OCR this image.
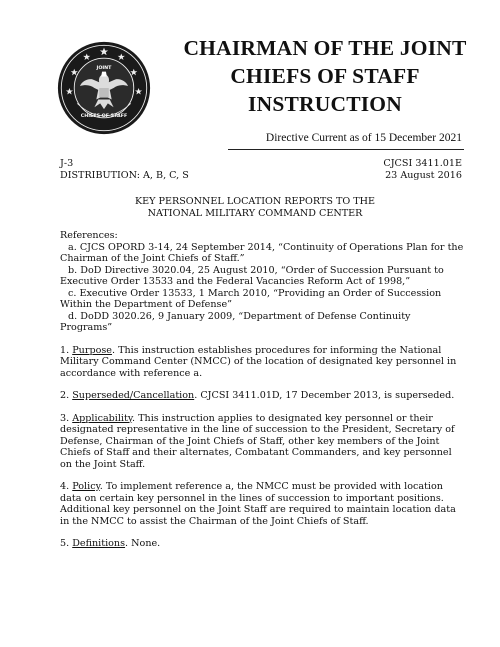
JOINT
CHIEFS OF STAFF
CHAIRMAN OF THE JOINT
CHIEFS OF STAFF
INSTRUCTION
Directive Current as of 15 December 2021
J-3
DISTRIBUTION: A, B, C, S
CJCSI 3411.01E
23 August 2016
KEY PERSONNEL LOCATION REPORTS TO THE
NATIONAL MILITARY COMMAND CENTER

References:

a. CJCS OPORD 3-14, 24 September 2014, “Continuity of Operations Plan for the Chairman of the Joint Chiefs of Staff.”

b. DoD Directive 3020.04, 25 August 2010, “Order of Succession Pursuant to Executive Order 13533 and the Federal Vacancies Reform Act of 1998,”

c. Executive Order 13533, 1 March 2010, “Providing an Order of Succession Within the Department of Defense”

d. DoDD 3020.26, 9 January 2009, “Department of Defense Continuity Programs”

1. Purpose. This instruction establishes procedures for informing the National Military Command Center (NMCC) of the location of designated key personnel in accordance with reference a.

2. Superseded/Cancellation. CJCSI 3411.01D, 17 December 2013, is superseded.

3. Applicability. This instruction applies to designated key personnel or their designated representative in the line of succession to the President, Secretary of Defense, Chairman of the Joint Chiefs of Staff, other key members of the Joint Chiefs of Staff and their alternates, Combatant Commanders, and key personnel on the Joint Staff.

4. Policy. To implement reference a, the NMCC must be provided with location data on certain key personnel in the lines of succession to important positions. Additional key personnel on the Joint Staff are required to maintain location data in the NMCC to assist the Chairman of the Joint Chiefs of Staff.

5. Definitions. None.
